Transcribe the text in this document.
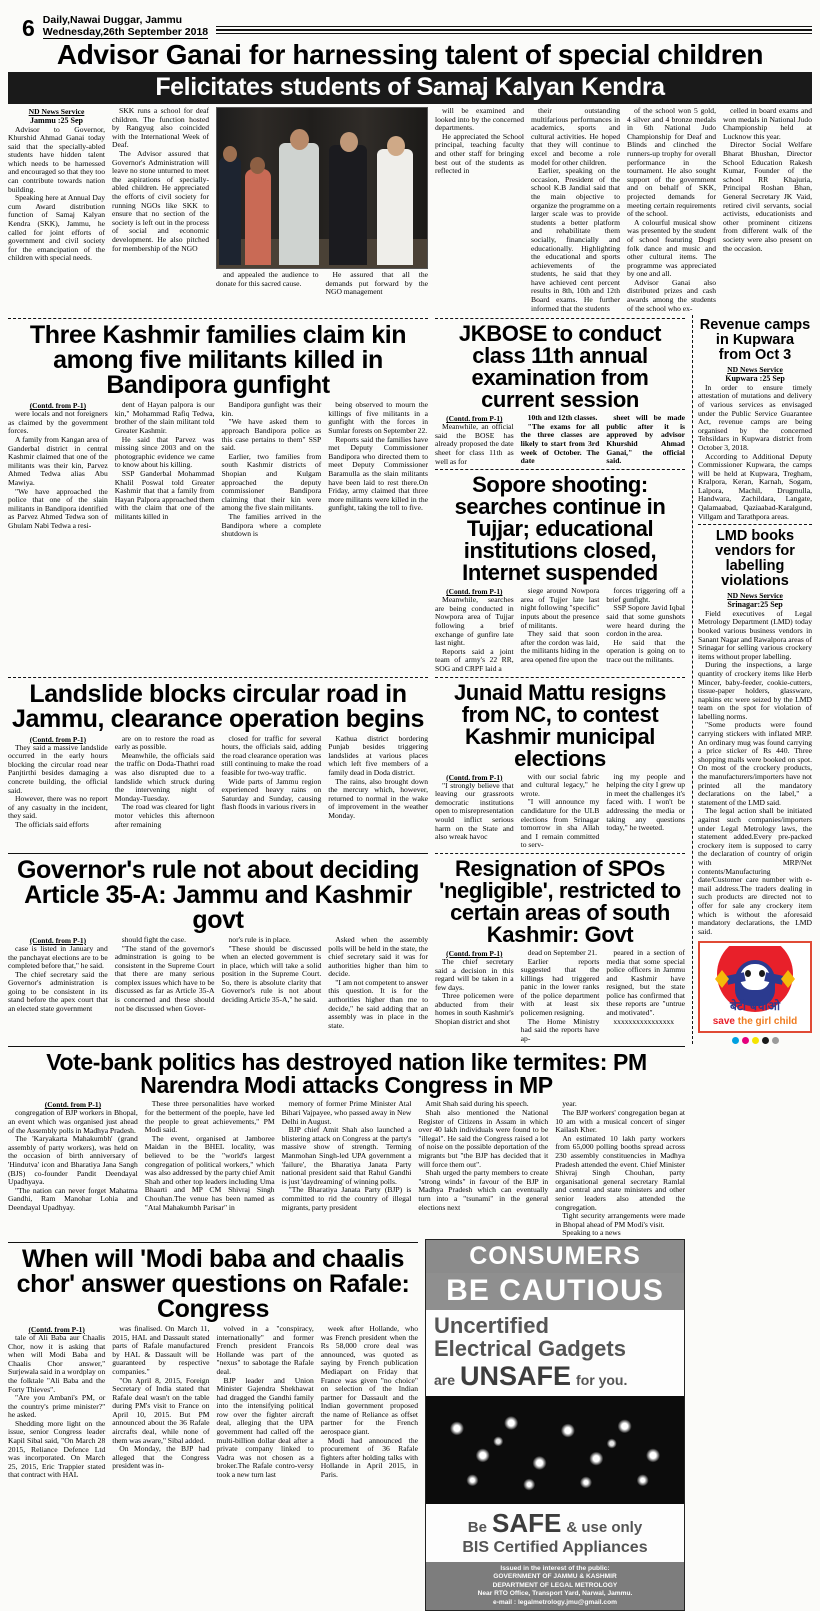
6 Daily,Nawai Duggar, Jammu
Wednesday,26th September 2018
Advisor Ganai for harnessing talent of special children
Felicitates students of Samaj Kalyan Kendra
ND News Service
Jammu :25 Sep

Advisor to Governor, Khurshid Ahmad Ganai today said that the specially-abled students have hidden talent which needs to be harnessed and encouraged so that they too can contribute towards nation building.

Speaking here at Annual Day cum Award distribution function of Samaj Kalyan Kendra (SKK), Jammu, he called for joint efforts of government and civil society for the emancipation of the children with special needs.

SKK runs a school for deaf children. The function hosted by Rangyug also coincided with the International Week of Deaf.

The Advisor assured that Governor's Administration will leave no stone unturned to meet the aspirations of specially-abled children. He appreciated the efforts of civil society for running NGOs like SKK to ensure that no section of the society is left out in the process of social and economic development. He also pitched for membership of the NGO

and appealed the audience to donate for this sacred cause.

He assured that all the demands put forward by the NGO management

will be examined and looked into by the concerned departments.

He appreciated the School principal, teaching faculty and other staff for bringing best out of the students as reflected in

their outstanding multifarious performances in academics, sports and cultural activities. He hoped that they will continue to excel and become a role model for other children.

Earlier, speaking on the occasion, President of the school K.B Jandial said that the main objective to organize the programme on a larger scale was to provide students a better platform and rehabilitate them socially, financially and educationally. Highlighting the educational and sports achievements of the students, he said that they have achieved cent percent results in 8th, 10th and 12th Board exams. He further informed that the students

of the school won 5 gold, 4 silver and 4 bronze medals in 6th National Judo Championship for Deaf and Blinds and clinched the runners-up trophy for overall performance in the tournament. He also sought support of the government and on behalf of SKK, projected demands for meeting certain requirements of the school.

A colourful musical show was presented by the student of school featuring Dogri folk dance and music and other cultural items. The programme was appreciated by one and all.

Advisor Ganai also distributed prizes and cash awards among the students of the school who ex-

celled in board exams and won medals in National Judo Championship held at Lucknow this year.

Director Social Welfare Bharat Bhushan, Director School Education Rakesh Kumar, Founder of the school RR Khajuria, Principal Roshan Bhan, General Secretary JK Vaid, retired civil servants, social activists, educationists and other prominent citizens from different walk of the society were also present on the occasion.

Three Kashmir families claim kin among five militants killed in Bandipora gunfight
(Contd. from P-1)

were locals and not foreigners as claimed by the government forces.

A family from Kangan area of Ganderbal district in central Kashmir claimed that one of the militants was their kin, Parvez Ahmed Tedwa alias Abu Mawiya.

"We have approached the police that one of the slain militants in Bandipora identified as Parvez Ahmed Tedwa son of Ghulam Nabi Tedwa a resi-

dent of Hayan palpora is our kin," Mohammad Rafiq Tedwa, brother of the slain militant told Greater Kashmir.

He said that Parvez was missing since 2003 and on the photographic evidence we came to know about his killing.

SSP Ganderbal Mohammad Khalil Poswal told Greater Kashmir that that a family from Hayan Palpora approached them with the claim that one of the militants killed in

Bandipora gunfight was their kin.

"We have asked them to approach Bandipora police as this case pertains to them" SSP said.

Earlier, two families from south Kashmir districts of Shopian and Kulgam approached the deputy commissioner Bandipora claiming that their kin were among the five slain militants.

The families arrived in the Bandipora where a complete shutdown is

being observed to mourn the killings of five militants in a gunfight with the forces in Sumlar forests on September 22.

Reports said the families have met Deputy Commissioner Bandipora who directed them to meet Deputy Commissioner Baramulla as the slain militants have been laid to rest there.On Friday, army claimed that three more militants were killed in the gunfight, taking the toll to five.

JKBOSE to conduct class 11th annual examination from current session
(Contd. from P-1)

Meanwhile, an official said the BOSE has already proposed the date sheet for class 11th as well as for

10th and 12th classes.

"The exams for all the three classes are likely to start from 3rd week of October. The date

sheet will be made public after it is approved by advisor Khurshid Ahmad Ganai," the official said.

Sopore shooting: searches continue in Tujjar; educational institutions closed, Internet suspended
(Contd. from P-1)

Meanwhile, searches are being conducted in Nowpora area of Tujjar following a brief exchange of gunfire late last night.

Reports said a joint team of army's 22 RR, SOG and CRPF laid a

siege around Nowpora area of Tujjer late last night following "specific" inputs about the presence of militants.

They said that soon after the cordon was laid, the militants hiding in the area opened fire upon the

forces triggering off a brief gunfight.

SSP Sopore Javid Iqbal said that some gunshots were heard during the cordon in the area.

He said that the operation is going on to trace out the militants.

Landslide blocks circular road in Jammu, clearance operation begins
(Contd. from P-1)

They said a massive landslide occurred in the early hours blocking the circular road near Panjtirthi besides damaging a concrete building, the official said.

However, there was no report of any casualty in the incident, they said.

The officials said efforts

are on to restore the road as early as possible.

Meanwhile, the officials said the traffic on Doda-Thathri road was also disrupted due to a landslide which struck during the intervening night of Monday-Tuesday.

The road was cleared for light motor vehicles this afternoon after remaining

closed for traffic for several hours, the officials said, adding the road clearance operation was still continuing to make the road feasible for two-way traffic.

Wide parts of Jammu region experienced heavy rains on Saturday and Sunday, causing flash floods in various rivers in

Kathua district bordering Punjab besides triggering landslides at various places which left five members of a family dead in Doda district.

The rains, also brought down the mercury which, however, returned to normal in the wake of improvement in the weather Monday.

Junaid Mattu resigns from NC, to contest Kashmir municipal elections
(Contd. from P-1)

"I strongly believe that leaving our grassroots democratic institutions open to misrepresentation would inflict serious harm on the State and also wreak havoc

with our social fabric and cultural legacy," he wrote.

"I will announce my candidature for the ULB elections from Srinagar tomorrow in sha Allah and I remain committed to serv-

ing my people and helping the city I grew up in meet the challenges it's faced with. I won't be addressing the media or taking any questions today," he tweeted.

Governor's rule not about deciding Article 35-A: Jammu and Kashmir govt
(Contd. from P-1)

case is listed in January and the panchayat elections are to be completed before that," he said.

The chief secretary said the Governor's administration is going to be consistent in its stand before the apex court that an elected state government

should fight the case.

"The stand of the governor's adminstration is going to be consistent in the Supreme Court that there are many serious complex issues which have to be discussed as far as Article 35-A is concerned and these should not be discussed when Gover-

nor's rule is in place.

"These should be discussed when an elected government is in place, which will take a solid position in the Supreme Court. So, there is absolute clarity that Governor's rule is not about deciding Article 35-A," he said.

Asked when the assembly polls will be held in the state, the chief secretary said it was for authorities higher than him to decide.

"I am not competent to answer this question. It is for the authorities higher than me to decide," he said adding that an assembly was in place in the state.

Resignation of SPOs 'negligible', restricted to certain areas of south Kashmir: Govt
(Contd. from P-1)

The chief secretary said a decision in this regard will be taken in a few days.

Three policemen were abducted from their homes in south Kashmir's Shopian district and shot

dead on September 21.

Earlier reports suggested that the killings had triggered panic in the lower ranks of the police department with at least six policemen resigning.

The Home Ministry had said the reports have ap-

peared in a section of media that some special police officers in Jammu and Kashmir have resigned, but the state police has confirmed that these reports are "untrue and motivated".

xxxxxxxxxxxxxxxx

Vote-bank politics has destroyed nation like termites: PM Narendra Modi attacks Congress in MP
(Contd. from P-1)

congregation of BJP workers in Bhopal, an event which was organised just ahead of the Assembly polls in Madhya Pradesh.

The 'Karyakarta Mahakumbh' (grand assembly of party workers), was held on the occasion of birth anniversary of 'Hindutva' icon and Bharatiya Jana Sangh (BJS) co-founder Pandit Deendayal Upadhyaya.

"The nation can never forget Mahatma Gandhi, Ram Manohar Lohia and Deendayal Upadhyay.

These three personalities have worked for the betterment of the poeple, have led the people to great achievements," PM Modi said.

The event, organised at Jamboree Maidan in the BHEL locality, was believed to be the "world's largest congregation of political workers," which was also addressed by the party chief Amit Shah and other top leaders including Uma Bhaarti and MP CM Shivraj Singh Chouhan.The venue has been named as "Atal Mahakumbh Parisar" in

memory of former Prime Minister Atal Bihari Vajpayee, who passed away in New Delhi in August.

BJP chief Amit Shah also launched a blistering attack on Congress at the party's massive show of strength. Terming Manmohan Singh-led UPA government a 'failure', the Bharatiya Janata Party national president said that Rahul Gandhi is just 'daydreaming' of winning polls.

"The Bharatiya Janata Party (BJP) is committed to rid the country of illegal migrants, party president

Amit Shah said during his speech.

Shah also mentioned the National Register of Citizens in Assam in which over 40 lakh individuals were found to be "illegal". He said the Congress raised a lot of noise on the possible deportation of the migrants but "the BJP has decided that it will force them out".

Shah urged the party members to create "strong winds" in favour of the BJP in Madhya Pradesh which can eventually turn into a "tsunami" in the general elections next

year.

The BJP workers' congregation began at 10 am with a musical concert of singer Kailash Kher.

An estimated 10 lakh party workers from 65,000 polling booths spread across 230 assembly constituencies in Madhya Pradesh attended the event. Chief Minister Shivraj Singh Chouhan, party organisational general secretary Ramlal and central and state ministers and other senior leaders also attended the congregation.

Tight security arrangements were made in Bhopal ahead of PM Modi's visit.

Speaking to a news

When will 'Modi baba and chaalis chor' answer questions on Rafale: Congress
(Contd. from P-1)

tale of Ali Baba aur Chaalis Chor, now it is asking that when will Modi Baba and Chaalis Chor answer," Surjewala said in a wordplay on the folktale "Ali Baba and the Forty Thieves".

"Are you Ambani's PM, or the country's prime minister?" he asked.

Shedding more light on the issue, senior Congress leader Kapil Sibal said, "On March 28 2015, Reliance Defence Ltd was incorporated. On March 25, 2015, Eric Trappier stated that contract with HAL

was finalised. On March 11, 2015, HAL and Dassault stated parts of Rafale manufactured by HAL & Dassault will be guaranteed by respective companies."

"On April 8, 2015, Foreign Secretary of India stated that Rafale deal wasn't on the table during PM's visit to France on April 10, 2015. But PM announced about the 36 Rafale aircrafts deal, while none of them was aware," Sibal added.

On Monday, the BJP had alleged that the Congress president was in-

volved in a "conspiracy, internationally" and former French president Francois Hollande was part of the "nexus" to sabotage the Rafale deal.

BJP leader and Union Minister Gajendra Shekhawat had dragged the Gandhi family into the intensifying political row over the fighter aircraft deal, alleging that the UPA government had called off the multi-billion dollar deal after a private company linked to Vadra was not chosen as a broker.The Rafale contro-versy took a new turn last

week after Hollande, who was French president when the Rs 58,000 crore deal was announced, was quoted as saying by French publication Mediapart on Friday that France was given "no choice" on selection of the Indian partner for Dassault and the Indian government proposed the name of Reliance as offset partner for the French aerospace giant.

Modi had announced the procurement of 36 Rafale fighters after holding talks with Hollande in April 2015, in Paris.

CONSUMERS
BE CAUTIOUS
Uncertified
Electrical Gadgets
are UNSAFE for you.
Be SAFE & use only
BIS Certified Appliances
Issued in the interest of the public:
GOVERNMENT OF JAMMU & KASHMIR
DEPARTMENT OF LEGAL METROLOGY
Near RTO Office, Transport Yard, Narwal, Jammu.
e-mail : legalmetrology.jmu@gmail.com
Revenue camps in Kupwara from Oct 3
ND News Service
Kupwara :25 Sep

In order to ensure timely attestation of mutations and delivery of various services as envisaged under the Public Service Guarantee Act, revenue camps are being organised by the concerned Tehsildars in Kupwara district from October 3, 2018.

According to Additional Deputy Commissioner Kupwara, the camps will be held at Kupwara, Tregham, Kralpora, Keran, Karnah, Sogam, Lalpora, Machil, Drugmulla, Handwara, Zachildara, Langate, Qalamaabad, Qaziaabad-Karalgund, Villgam and Tarathpora areas.

LMD books vendors for labelling violations
ND News Service
Srinagar:25 Sep

Field executives of Legal Metrology Department (LMD) today booked various business vendors in Sanant Nagar and Rawalpora areas of Srinagar for selling various crockery items without proper labelling.

During the inspections, a large quantity of crockery items like Herb Mincer, baby-feeder, cookie-cutters, tissue-paper holders, glassware, napkins etc were seized by the LMD team on the spot for violation of labelling norms.

"Some products were found carrying stickers with inflated MRP. An ordinary mug was found carrying a price sticker of Rs 440. Three shopping malls were booked on spot. On most of the crockery products, the manufacturers/importers have not printed all the mandatory declarations on the label," a statement of the LMD said.

The legal action shall be initiated against such companies/importers under Legal Metrology laws, the statement added.Every pre-packed crockery item is supposed to carry the declaration of country of origin with MRP/Net contents/Manufacturing date/Customer care number with e-mail address.The traders dealing in such products are directed not to offer for sale any crockery item which is without the aforesaid mandatory declarations, the LMD said.

बेटी बचाओ
save the girl child
